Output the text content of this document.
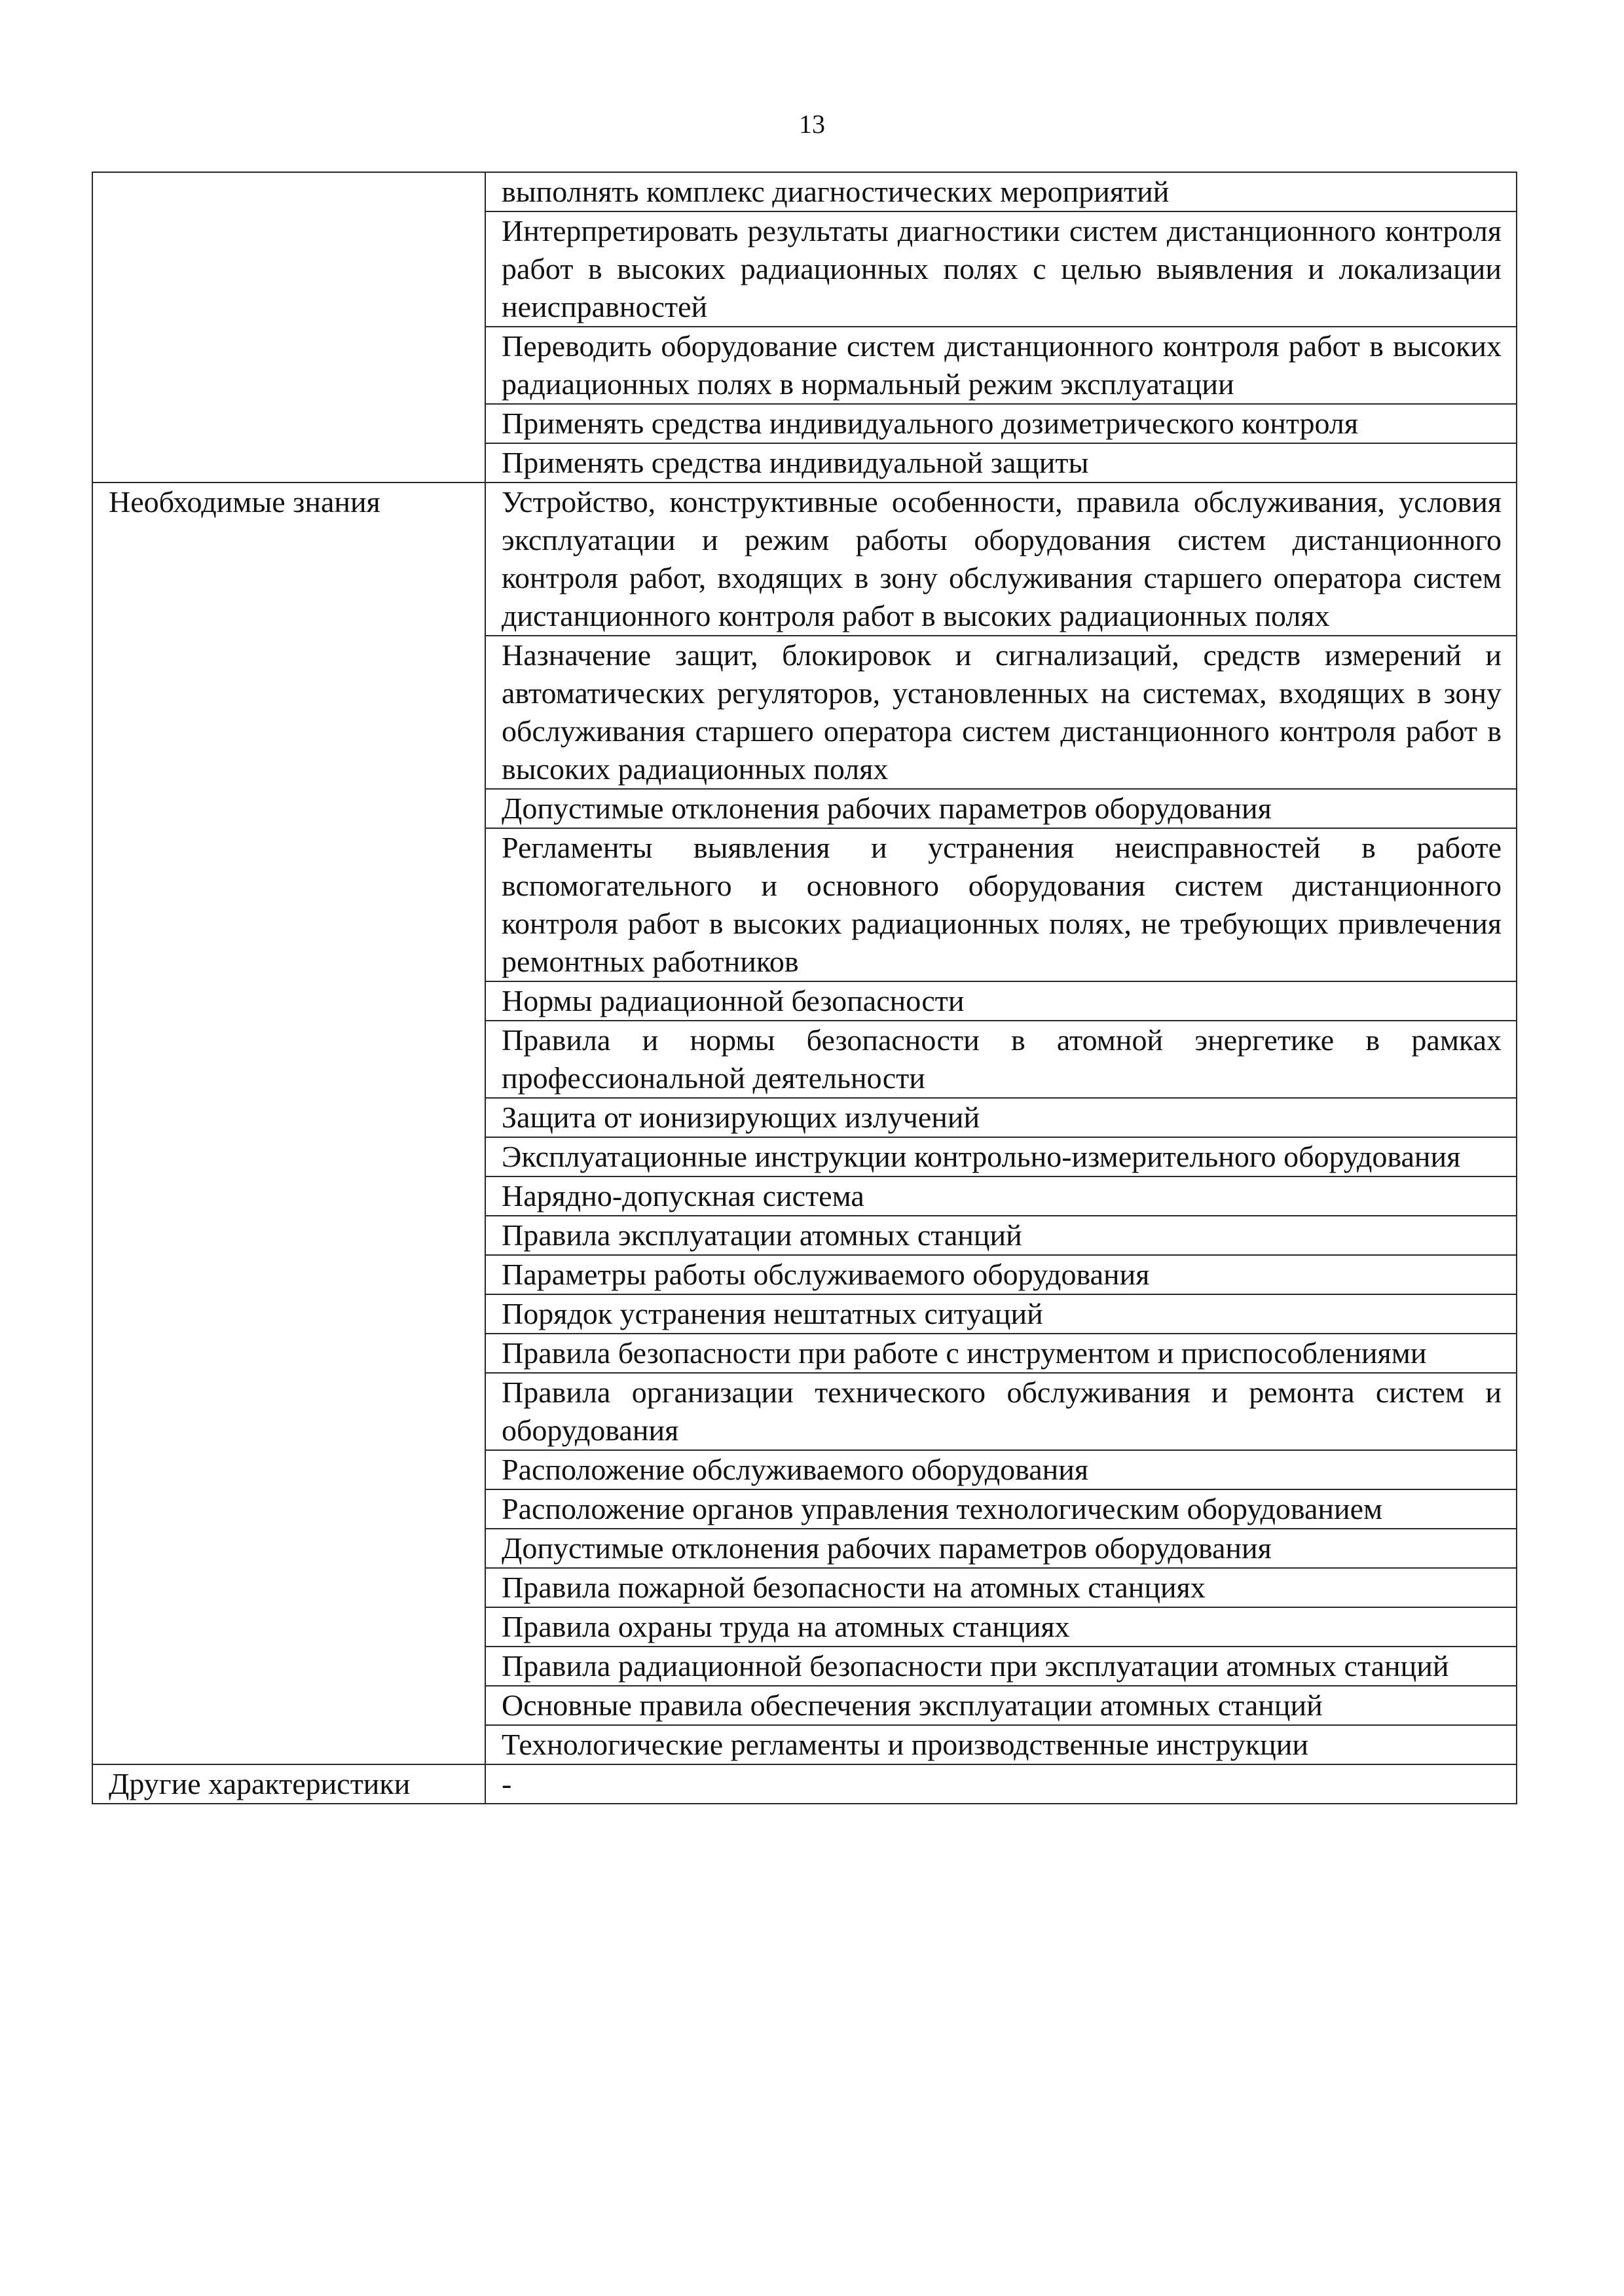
13
	выполнять комплекс диагностических мероприятий
	Интерпретировать результаты диагностики систем дистанционного контроля работ в высоких радиационных полях с целью выявления и локализации неисправностей
	Переводить оборудование систем дистанционного контроля работ в высоких радиационных полях в нормальный режим эксплуатации
	Применять средства индивидуального дозиметрического контроля
	Применять средства индивидуальной защиты
Необходимые знания	Устройство, конструктивные особенности, правила обслуживания, условия эксплуатации и режим работы оборудования систем дистанционного контроля работ, входящих в зону обслуживания старшего оператора систем дистанционного контроля работ в высоких радиационных полях
	Назначение защит, блокировок и сигнализаций, средств измерений и автоматических регуляторов, установленных на системах, входящих в зону обслуживания старшего оператора систем дистанционного контроля работ в высоких радиационных полях
	Допустимые отклонения рабочих параметров оборудования
	Регламенты выявления и устранения неисправностей в работе вспомогательного и основного оборудования систем дистанционного контроля работ в высоких радиационных полях, не требующих привлечения ремонтных работников
	Нормы радиационной безопасности
	Правила и нормы безопасности в атомной энергетике в рамках профессиональной деятельности
	Защита от ионизирующих излучений
	Эксплуатационные инструкции контрольно-измерительного оборудования
	Нарядно-допускная система
	Правила эксплуатации атомных станций
	Параметры работы обслуживаемого оборудования
	Порядок устранения нештатных ситуаций
	Правила безопасности при работе с инструментом и приспособлениями
	Правила организации технического обслуживания и ремонта систем и оборудования
	Расположение обслуживаемого оборудования
	Расположение органов управления технологическим оборудованием
	Допустимые отклонения рабочих параметров оборудования
	Правила пожарной безопасности на атомных станциях
	Правила охраны труда на атомных станциях
	Правила радиационной безопасности при эксплуатации атомных станций
	Основные правила обеспечения эксплуатации атомных станций
	Технологические регламенты и производственные инструкции
Другие характеристики	-
